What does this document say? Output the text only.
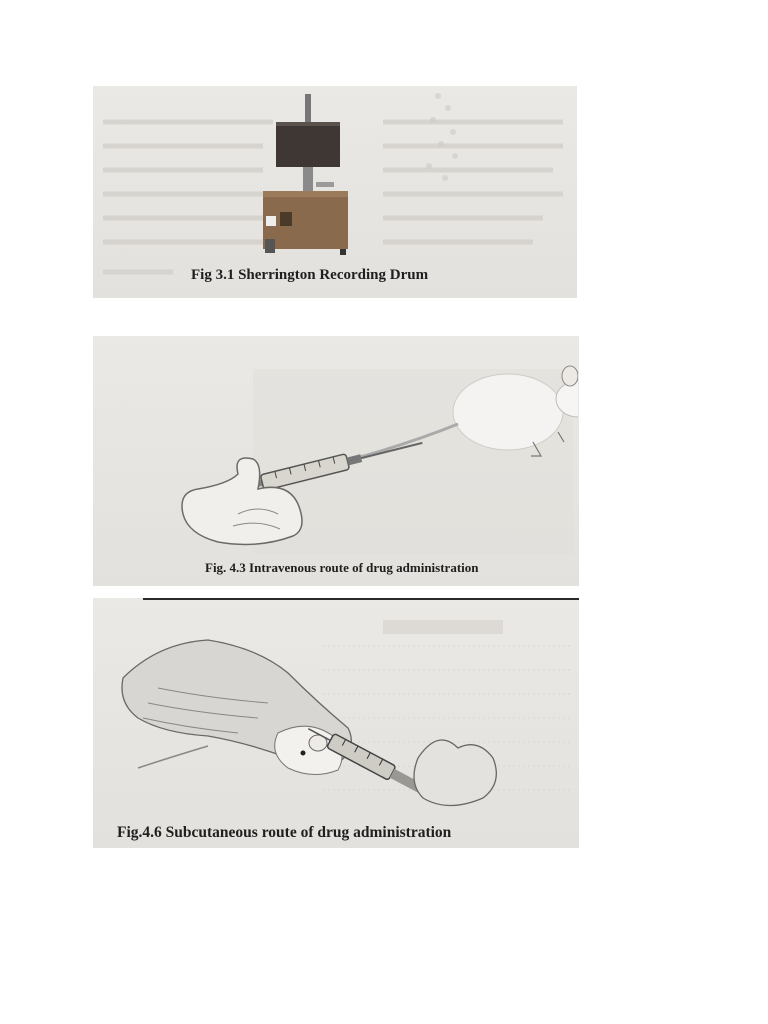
Fig 3.1 Sherrington Recording Drum
Fig. 4.3 Intravenous route of drug administration
Fig.4.6 Subcutaneous route of drug administration
